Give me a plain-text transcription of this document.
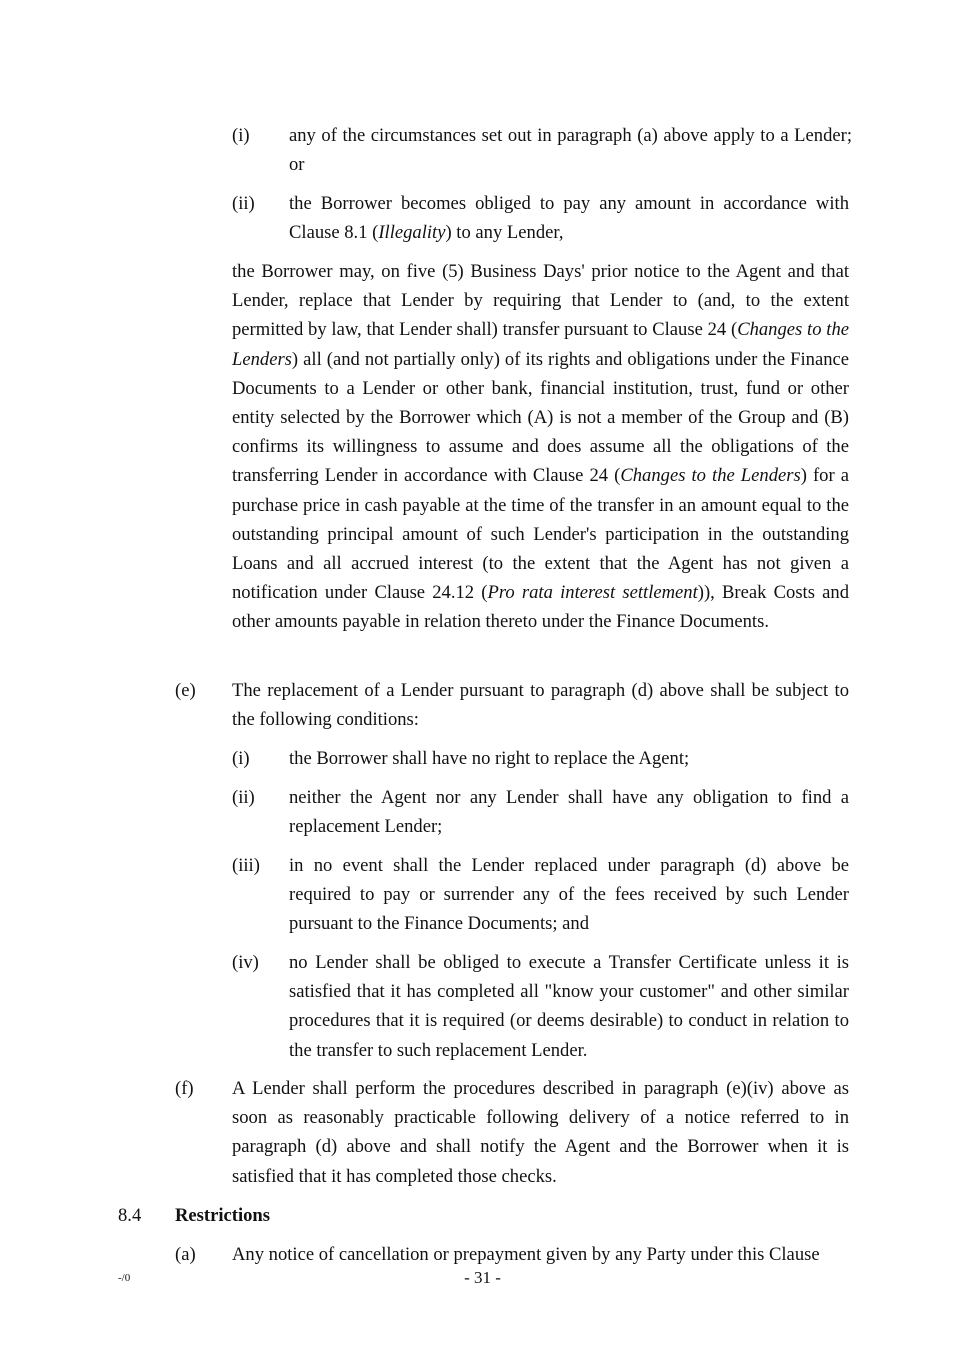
(i) any of the circumstances set out in paragraph (a) above apply to a Lender; or
(ii) the Borrower becomes obliged to pay any amount in accordance with Clause 8.1 (Illegality) to any Lender,
the Borrower may, on five (5) Business Days' prior notice to the Agent and that Lender, replace that Lender by requiring that Lender to (and, to the extent permitted by law, that Lender shall) transfer pursuant to Clause 24 (Changes to the Lenders) all (and not partially only) of its rights and obligations under the Finance Documents to a Lender or other bank, financial institution, trust, fund or other entity selected by the Borrower which (A) is not a member of the Group and (B) confirms its willingness to assume and does assume all the obligations of the transferring Lender in accordance with Clause 24 (Changes to the Lenders) for a purchase price in cash payable at the time of the transfer in an amount equal to the outstanding principal amount of such Lender's participation in the outstanding Loans and all accrued interest (to the extent that the Agent has not given a notification under Clause 24.12 (Pro rata interest settlement)), Break Costs and other amounts payable in relation thereto under the Finance Documents.
(e) The replacement of a Lender pursuant to paragraph (d) above shall be subject to the following conditions:
(i) the Borrower shall have no right to replace the Agent;
(ii) neither the Agent nor any Lender shall have any obligation to find a replacement Lender;
(iii) in no event shall the Lender replaced under paragraph (d) above be required to pay or surrender any of the fees received by such Lender pursuant to the Finance Documents; and
(iv) no Lender shall be obliged to execute a Transfer Certificate unless it is satisfied that it has completed all "know your customer" and other similar procedures that it is required (or deems desirable) to conduct in relation to the transfer to such replacement Lender.
(f) A Lender shall perform the procedures described in paragraph (e)(iv) above as soon as reasonably practicable following delivery of a notice referred to in paragraph (d) above and shall notify the Agent and the Borrower when it is satisfied that it has completed those checks.
8.4 Restrictions
(a) Any notice of cancellation or prepayment given by any Party under this Clause
-/0	- 31 -
